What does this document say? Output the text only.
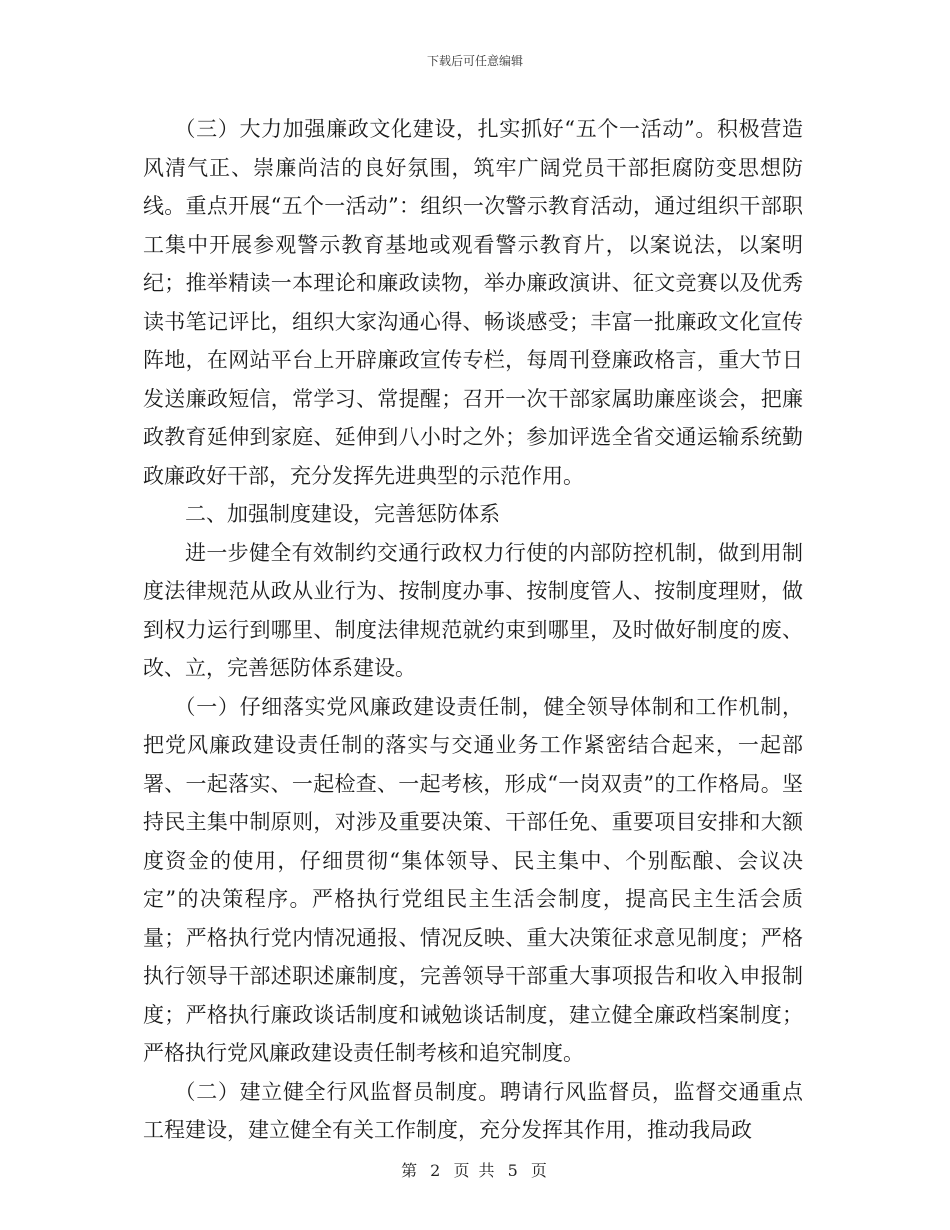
下载后可任意编辑

（三）大力加强廉政文化建设，扎实抓好“五个一活动”。积极营造风清气正、崇廉尚洁的良好氛围，筑牢广阔党员干部拒腐防变思想防线。重点开展“五个一活动”：组织一次警示教育活动，通过组织干部职工集中开展参观警示教育基地或观看警示教育片，以案说法，以案明纪；推举精读一本理论和廉政读物，举办廉政演讲、征文竞赛以及优秀读书笔记评比，组织大家沟通心得、畅谈感受；丰富一批廉政文化宣传阵地，在网站平台上开辟廉政宣传专栏，每周刊登廉政格言，重大节日发送廉政短信，常学习、常提醒；召开一次干部家属助廉座谈会，把廉政教育延伸到家庭、延伸到八小时之外；参加评选全省交通运输系统勤政廉政好干部，充分发挥先进典型的示范作用。

二、加强制度建设，完善惩防体系

进一步健全有效制约交通行政权力行使的内部防控机制，做到用制度法律规范从政从业行为、按制度办事、按制度管人、按制度理财，做到权力运行到哪里、制度法律规范就约束到哪里，及时做好制度的废、改、立，完善惩防体系建设。

（一）仔细落实党风廉政建设责任制，健全领导体制和工作机制，把党风廉政建设责任制的落实与交通业务工作紧密结合起来，一起部署、一起落实、一起检查、一起考核，形成“一岗双责”的工作格局。坚持民主集中制原则，对涉及重要决策、干部任免、重要项目安排和大额度资金的使用，仔细贯彻“集体领导、民主集中、个别酝酿、会议决定”的决策程序。严格执行党组民主生活会制度，提高民主生活会质量；严格执行党内情况通报、情况反映、重大决策征求意见制度；严格执行领导干部述职述廉制度，完善领导干部重大事项报告和收入申报制度；严格执行廉政谈话制度和诫勉谈话制度，建立健全廉政档案制度；严格执行党风廉政建设责任制考核和追究制度。

（二）建立健全行风监督员制度。聘请行风监督员，监督交通重点工程建设，建立健全有关工作制度，充分发挥其作用，推动我局政

第 2 页 共 5 页
